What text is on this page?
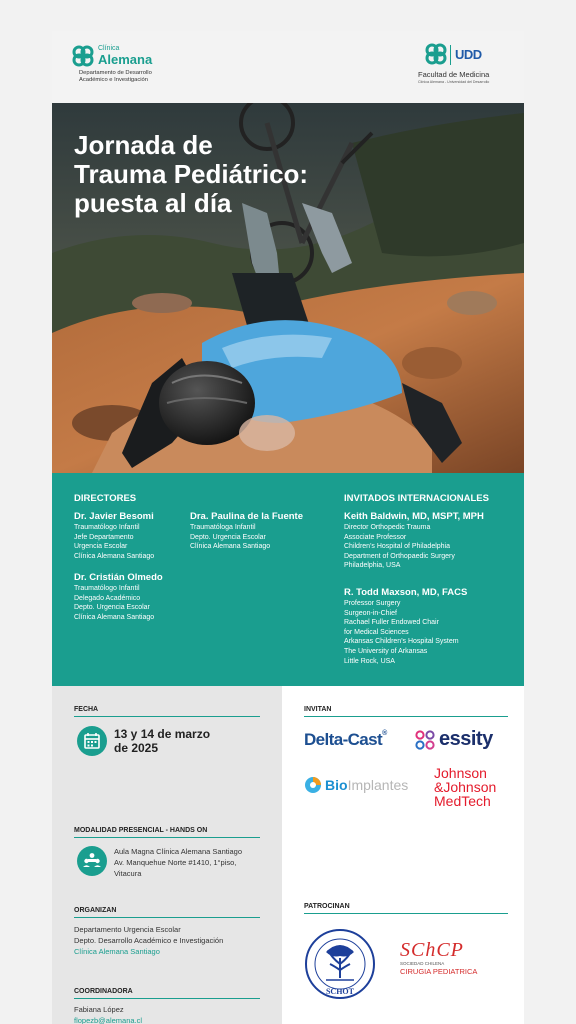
Clínica
Alemana
Departamento de Desarrollo
Académico e Investigación
UDD
Facultad de Medicina
Clínica Alemana - Universidad del Desarrollo
Jornada de
Trauma Pediátrico:
puesta al día
DIRECTORES
Dr. Javier Besomi
Traumatólogo Infantil
Jefe Departamento
Urgencia Escolar
Clínica Alemana Santiago
Dra. Paulina de la Fuente
Traumatóloga Infantil
Depto. Urgencia Escolar
Clínica Alemana Santiago
Dr. Cristián Olmedo
Traumatólogo Infantil
Delegado Académico
Depto. Urgencia Escolar
Clínica Alemana Santiago
INVITADOS INTERNACIONALES
Keith Baldwin, MD, MSPT, MPH
Director Orthopedic Trauma
Associate Professor
Children's Hospital of Philadelphia
Department of Orthopaedic Surgery
Philadelphia, USA
R. Todd Maxson, MD, FACS
Professor Surgery
Surgeon-in-Chief
Rachael Fuller Endowed Chair
for Medical Sciences
Arkansas Children's Hospital System
The University of Arkansas
Little Rock, USA
FECHA
13 y 14 de marzo
de 2025
MODALIDAD PRESENCIAL - HANDS ON
Aula Magna Clínica Alemana Santiago
Av. Manquehue Norte #1410, 1°piso,
Vitacura
ORGANIZAN
Departamento Urgencia Escolar
Depto. Desarrollo Académico e Investigación
Clínica Alemana Santiago
COORDINADORA
Fabiana López
flopezb@alemana.cl
INVITAN
Delta-Cast®	essity
BioImplantes
Johnson
&Johnson
MedTech
PATROCINAN
SCHOT
SChCP
SOCIEDAD CHILENA
CIRUGIA PEDIATRICA
